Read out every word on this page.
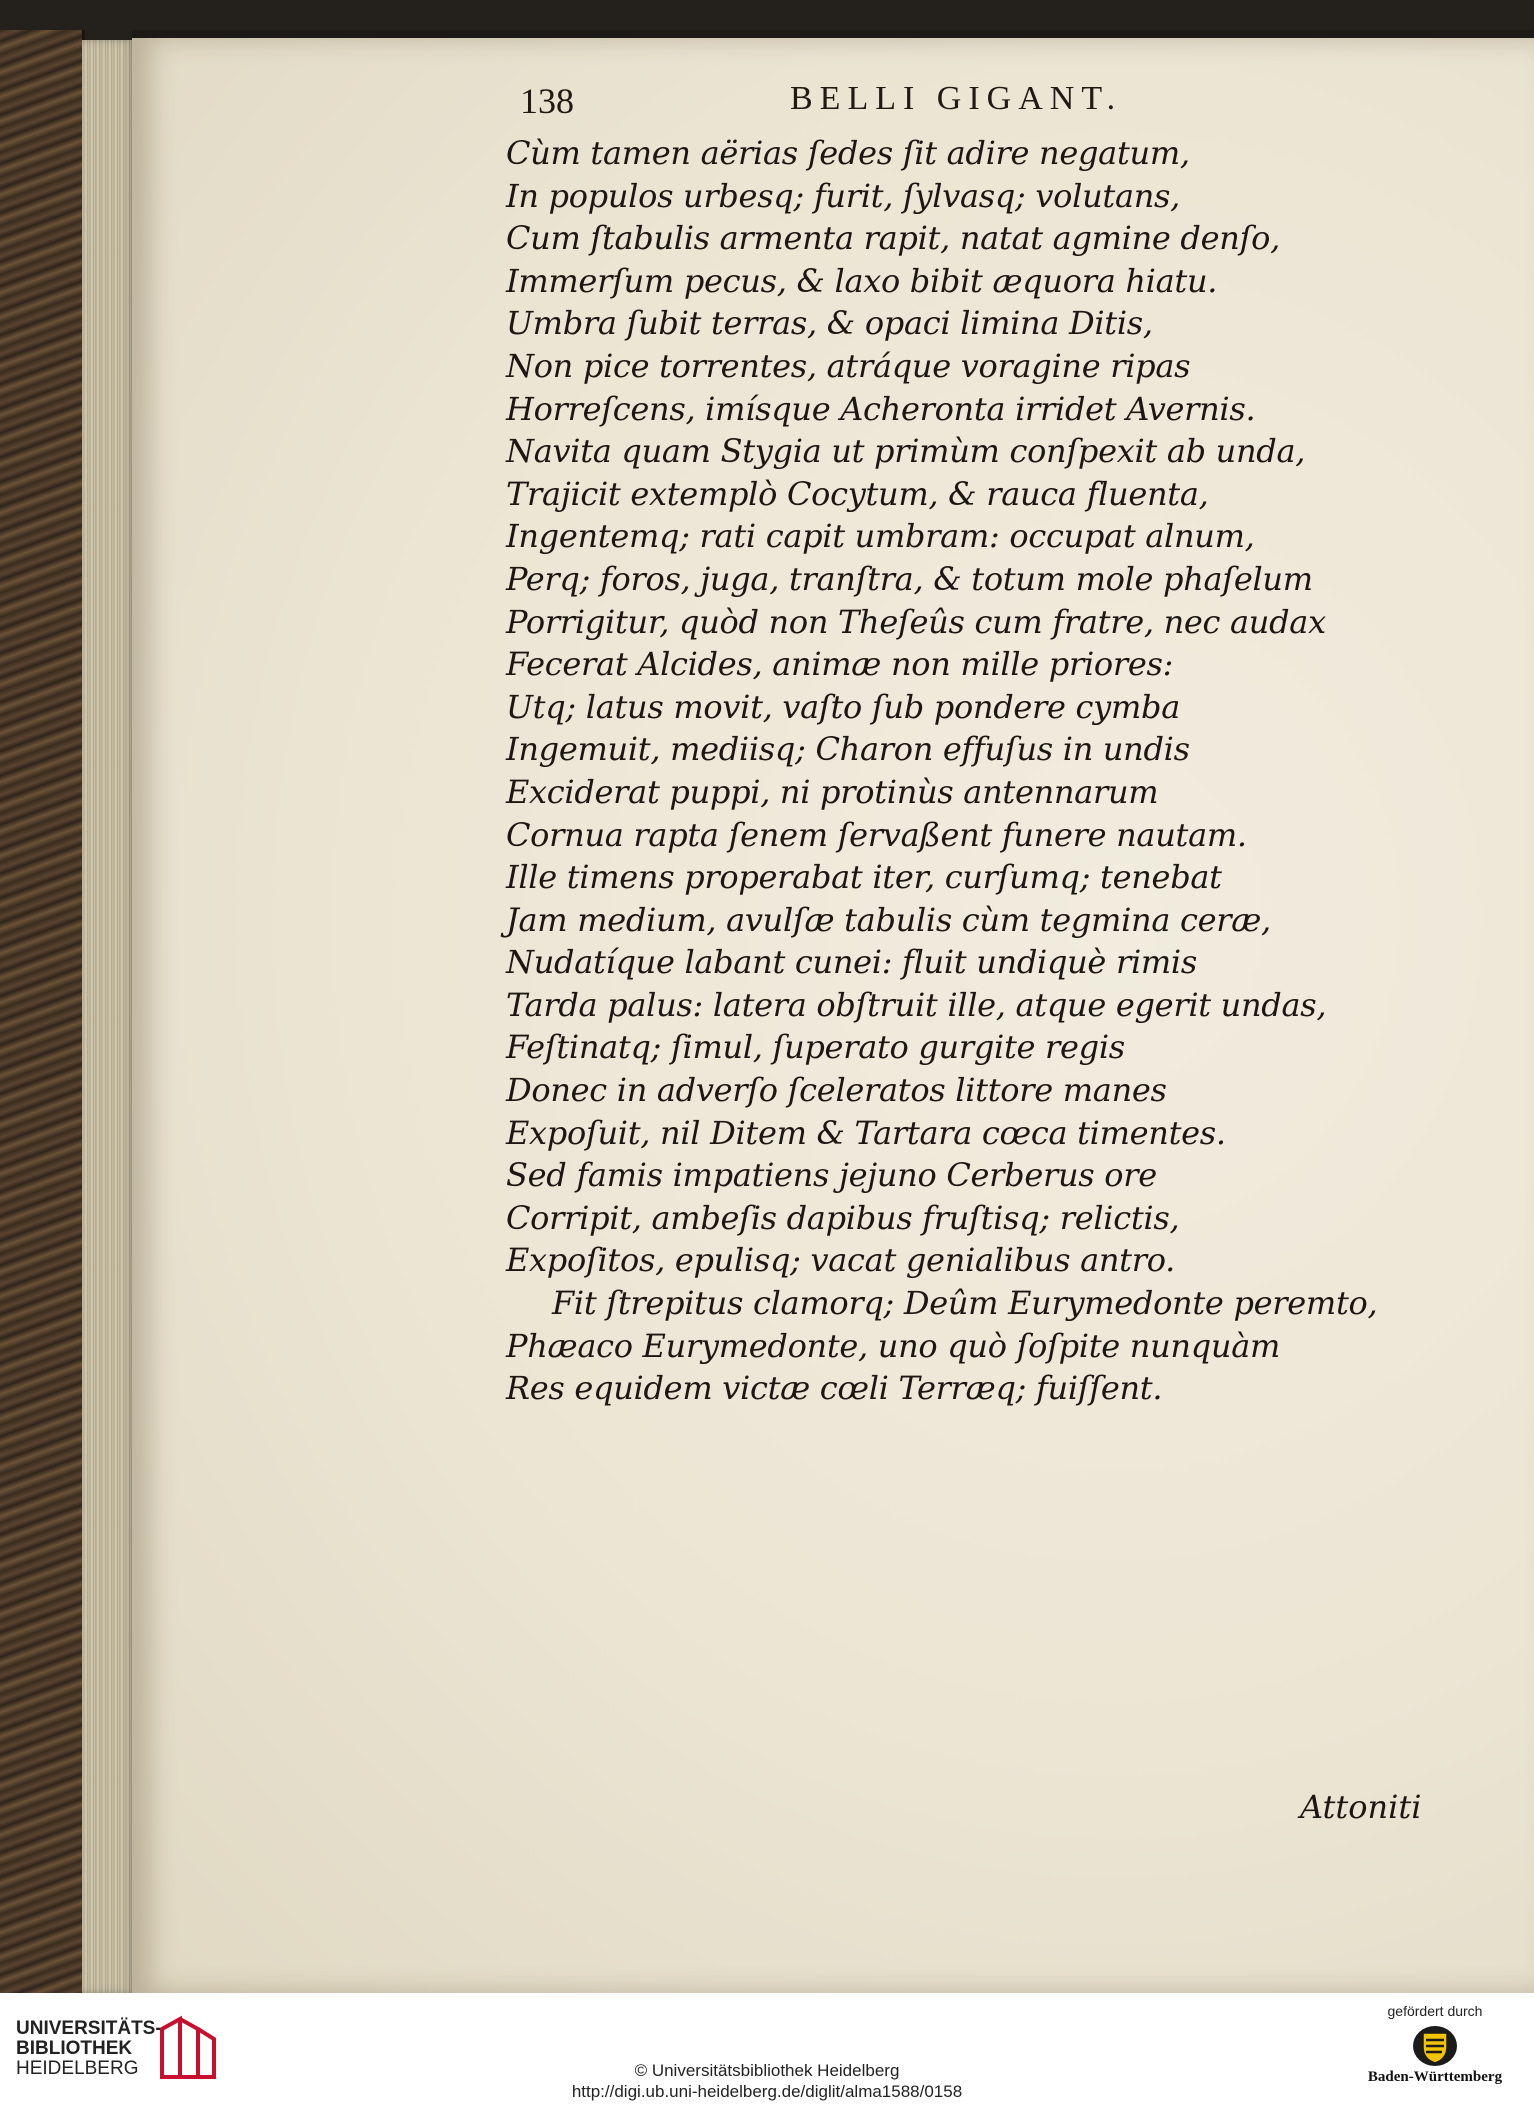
138	BELLI GIGANT.
Cùm tamen aërias ſedes ſit adire negatum,
In populos urbesq; furit, ſylvasq; volutans,
Cum ſtabulis armenta rapit, natat agmine denſo,
Immerſum pecus, & laxo bibit æquora hiatu.
Umbra ſubit terras, & opaci limina Ditis,
Non pice torrentes, atráque voragine ripas
Horreſcens, imísque Acheronta irridet Avernis.
Navita quam Stygia ut primùm conſpexit ab unda,
Trajicit extemplò Cocytum, & rauca fluenta,
Ingentemq; rati capit umbram: occupat alnum,
Perq; foros, juga, tranſtra, & totum mole phaſelum
Porrigitur, quòd non Theſeûs cum fratre, nec audax
Fecerat Alcides, animæ non mille priores:
Utq; latus movit, vaſto ſub pondere cymba
Ingemuit, mediisq; Charon effuſus in undis
Exciderat puppi, ni protinùs antennarum
Cornua rapta ſenem ſervaßent funere nautam.
Ille timens properabat iter, curſumq; tenebat
Jam medium, avulſæ tabulis cùm tegmina ceræ,
Nudatíque labant cunei: fluit undiquè rimis
Tarda palus: latera obſtruit ille, atque egerit undas,
Feſtinatq; ſimul, ſuperato gurgite regis
Donec in adverſo ſceleratos littore manes
Expoſuit, nil Ditem & Tartara cœca timentes.
Sed famis impatiens jejuno Cerberus ore
Corripit, ambeſis dapibus fruſtisq; relictis,
Expoſitos, epulisq; vacat genialibus antro.
Fit ſtrepitus clamorq; Deûm Eurymedonte peremto,
Phæaco Eurymedonte, uno quò ſoſpite nunquàm
Res equidem victæ cœli Terræq; fuiſſent.
Attoniti
UNIVERSITÄTS-
BIBLIOTHEK
HEIDELBERG	© Universitätsbibliothek Heidelberg
http://digi.ub.uni-heidelberg.de/diglit/alma1588/0158
gefördert durch
Baden-Württemberg
